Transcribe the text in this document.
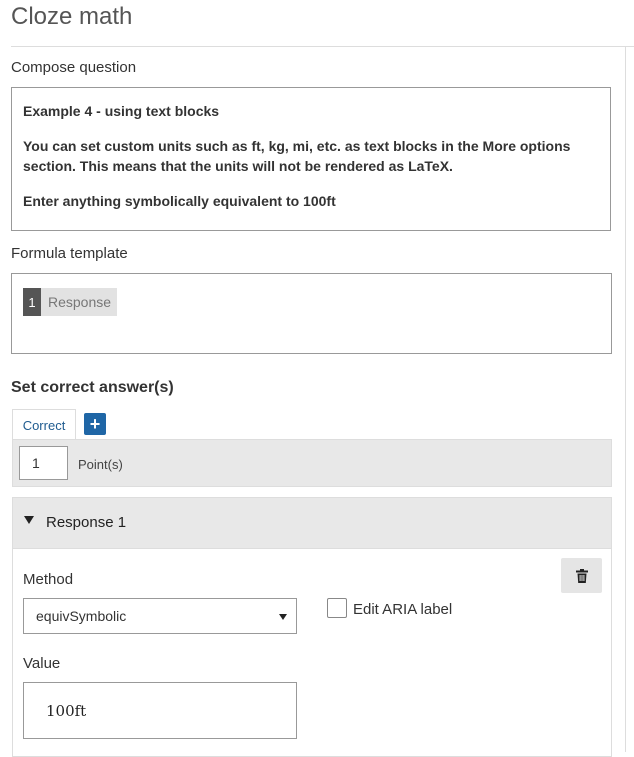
Cloze math
Compose question

Example 4 - using text blocks

You can set custom units such as ft, kg, mi, etc. as text blocks in the More options section. This means that the units will not be rendered as LaTeX.

Enter anything symbolically equivalent to 100ft

Formula template
1 Response
Set correct answer(s)
Correct	+
1
Point(s)
Response 1
Method
equivSymbolic	Edit ARIA label
Value
100ft
